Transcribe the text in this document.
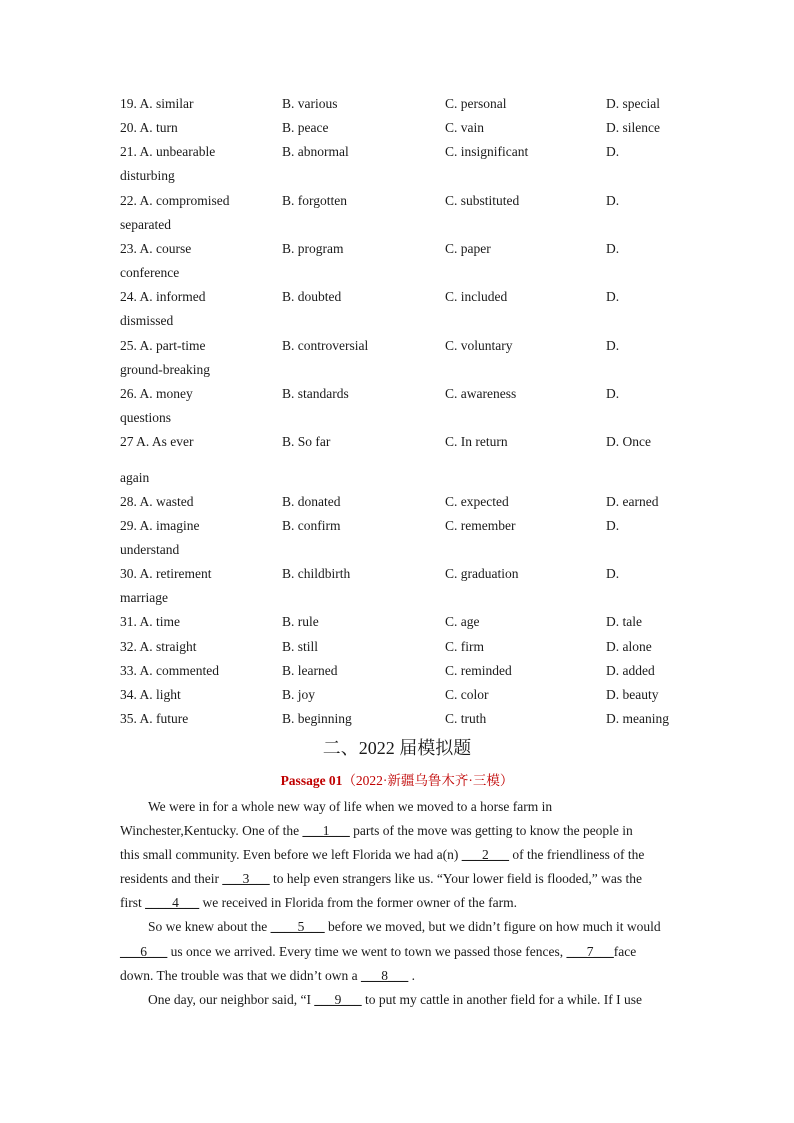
19. A. similar	B. various	C. personal	D. special
20. A. turn	B. peace	C. vain	D. silence
21. A. unbearable	B. abnormal	C. insignificant	D.
disturbing
22. A. compromised	B. forgotten	C. substituted	D.
separated
23. A. course	B. program	C. paper	D.
conference
24. A. informed	B. doubted	C. included	D.
dismissed
25. A. part-time	B. controversial	C. voluntary	D.
ground-breaking
26. A. money	B. standards	C. awareness	D.
questions
27 A. As ever	B. So far	C. In return	D. Once
again
28. A. wasted	B. donated	C. expected	D. earned
29. A. imagine	B. confirm	C. remember	D.
understand
30. A. retirement	B. childbirth	C. graduation	D.
marriage
31. A. time	B. rule	C. age	D. tale
32. A. straight	B. still	C. firm	D. alone
33. A. commented	B. learned	C. reminded	D. added
34. A. light	B. joy	C. color	D. beauty
35. A. future	B. beginning	C. truth	D. meaning
二、2022 届模拟题
Passage 01（2022·新疆乌鲁木齐·三模）
We were in for a whole new way of life when we moved to a horse farm in
Winchester,Kentucky. One of the ___1___ parts of the move was getting to know the people in
this small community. Even before we left Florida we had a(n) ___2___ of the friendliness of the
residents and their ___3___ to help even strangers like us. “Your lower field is flooded,” was the
first ____4___ we received in Florida from the former owner of the farm.
So we knew about the ____5___ before we moved, but we didn’t figure on how much it would
___6___ us once we arrived. Every time we went to town we passed those fences, ___7___face
down. The trouble was that we didn’t own a ___8___ .
One day, our neighbor said, “I ___9___ to put my cattle in another field for a while. If I use
